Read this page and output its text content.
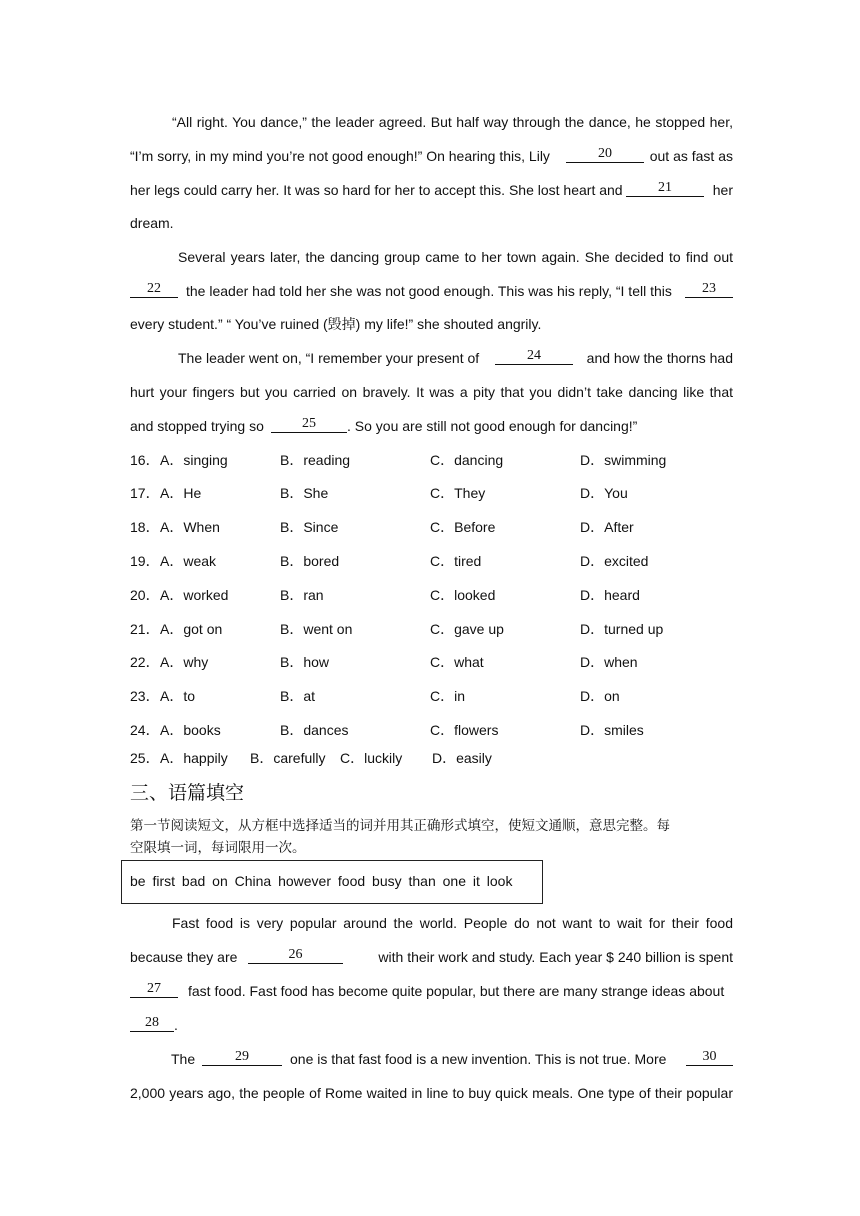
“All right. You dance,” the leader agreed. But half way through the dance, he stopped her,
“I’m sorry, in my mind you’re not good enough!” On hearing this, Lily	20	out as fast as
her legs could carry her. It was so hard for her to accept this. She lost heart and	21	her
dream.
Several years later, the dancing group came to her town again. She decided to find out
22	the leader had told her she was not good enough. This was his reply, “I tell this	23
every student.” “ You’ve ruined (毁掉) my life!” she shouted angrily.
The leader went on, “I remember your present of	24	and how the thorns had
hurt your fingers but you carried on bravely. It was a pity that you didn’t take dancing like that
and stopped trying so	25	. So you are still not good enough for dancing!”
16． A．singing	B．reading	C．dancing	D．swimming
17． A．He	B．She	C．They	D．You
18． A．When	B．Since	C．Before	D．After
19． A．weak	B．bored	C．tired	D．excited
20． A．worked	B．ran	C．looked	D．heard
21． A．got on	B．went on	C．gave up	D．turned up
22． A．why	B．how	C．what	D．when
23． A．to	B．at	C．in	D．on
24． A．books	B．dances	C．flowers	D．smiles
25． A．happily B．carefully C．luckily D．easily
三、语篇填空
第一节阅读短文，从方框中选择适当的词并用其正确形式填空，使短文通顺，意思完整。每
空限填一词，每词限用一次。
be first bad on China however food busy than one it look
Fast food is very popular around the world. People do not want to wait for their food
because they are	26	with their work and study. Each year $ 240 billion is spent
27	fast food. Fast food has become quite popular, but there are many strange ideas about
28	.
The	29	one is that fast food is a new invention. This is not true. More	30
2,000 years ago, the people of Rome waited in line to buy quick meals. One type of their popular
